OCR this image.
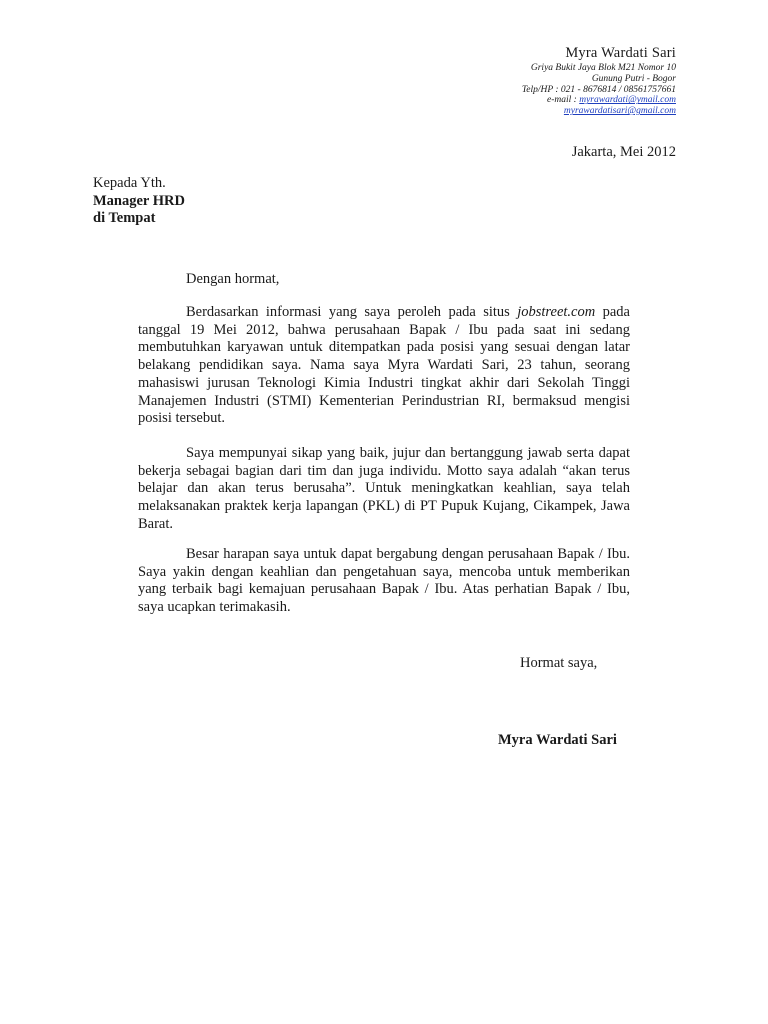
Myra Wardati Sari
Griya Bukit Jaya Blok M21 Nomor 10
Gunung Putri - Bogor
Telp/HP : 021 - 8676814 / 08561757661
e-mail : myrawardati@ymail.com
myrawardatisari@gmail.com
Jakarta, Mei 2012
Kepada Yth.
Manager HRD
di Tempat
Dengan hormat,

Berdasarkan informasi yang saya peroleh pada situs jobstreet.com pada tanggal 19 Mei 2012, bahwa perusahaan Bapak / Ibu pada saat ini sedang membutuhkan karyawan untuk ditempatkan pada posisi yang sesuai dengan latar belakang pendidikan saya. Nama saya Myra Wardati Sari, 23 tahun, seorang mahasiswi jurusan Teknologi Kimia Industri tingkat akhir dari Sekolah Tinggi Manajemen Industri (STMI) Kementerian Perindustrian RI, bermaksud mengisi posisi tersebut.

Saya mempunyai sikap yang baik, jujur dan bertanggung jawab serta dapat bekerja sebagai bagian dari tim dan juga individu. Motto saya adalah “akan terus belajar dan akan terus berusaha”. Untuk meningkatkan keahlian, saya telah melaksanakan praktek kerja lapangan (PKL) di PT Pupuk Kujang, Cikampek, Jawa Barat.

Besar harapan saya untuk dapat bergabung dengan perusahaan Bapak / Ibu. Saya yakin dengan keahlian dan pengetahuan saya, mencoba untuk memberikan yang terbaik bagi kemajuan perusahaan Bapak / Ibu. Atas perhatian Bapak / Ibu, saya ucapkan terimakasih.

Hormat saya,
Myra Wardati Sari
